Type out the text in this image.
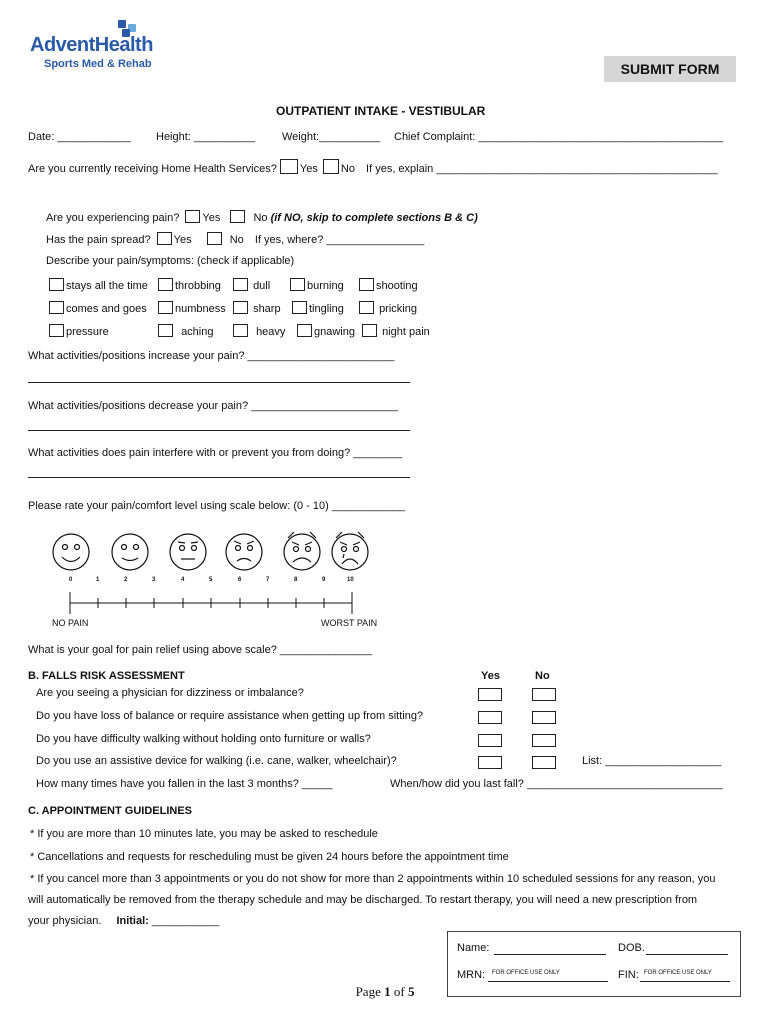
AdventHealth
Sports Med & Rehab	SUBMIT FORM
OUTPATIENT INTAKE - VESTIBULAR
Date: ____________ Height: __________ Weight:__________ Chief Complaint: ________________________________________
Are you currently receiving Home Health Services? Yes No If yes, explain ______________________________________________
Are you experiencing pain? Yes	No (if NO, skip to complete sections B & C)
Has the pain spread? Yes	No If yes, where? ________________
Describe your pain/symptoms: (check if applicable)
stays all the time	throbbing	dull	burning	shooting
comes and goes	numbness	sharp	tingling	pricking
pressure	aching	heavy	gnawing	night pain
What activities/positions increase your pain? ________________________
What activities/positions decrease your pain? ________________________
What activities does pain interfere with or prevent you from doing? ________
Please rate your pain/comfort level using scale below: (0 - 10) ____________
0	1	2	3	4	5	6	7	8	9	10
NO PAIN	WORST PAIN
What is your goal for pain relief using above scale? _______________
B. FALLS RISK ASSESSMENT	Yes	No
Are you seeing a physician for dizziness or imbalance?
Do you have loss of balance or require assistance when getting up from sitting?
Do you have difficulty walking without holding onto furniture or walls?
Do you use an assistive device for walking (i.e. cane, walker, wheelchair)?	List: ___________________
How many times have you fallen in the last 3 months? _____	When/how did you last fall? ________________________________
C. APPOINTMENT GUIDELINES
* If you are more than 10 minutes late, you may be asked to reschedule
* Cancellations and requests for rescheduling must be given 24 hours before the appointment time
* If you cancel more than 3 appointments or you do not show for more than 2 appointments within 10 scheduled sessions for any reason, you
will automatically be removed from the therapy schedule and may be discharged. To restart therapy, you will need a new prescription from
your physician. Initial: ___________
Name:	DOB.
MRN: FOR OFFICE USE ONLY	FIN: FOR OFFICE USE ONLY
Page 1 of 5
